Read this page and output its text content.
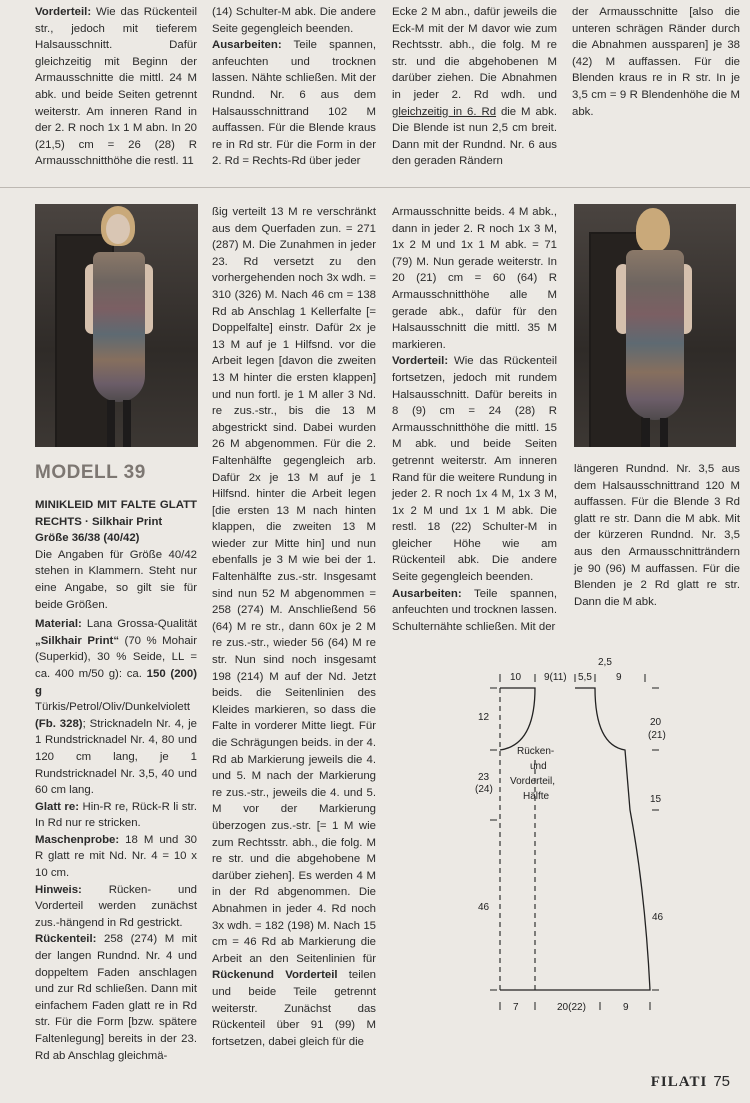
Vorderteil: Wie das Rückenteil str., jedoch mit tieferem Halsausschnitt. Dafür gleichzeitig mit Beginn der Armausschnitte die mittl. 24 M abk. und beide Seiten getrennt weiterstr. Am inneren Rand in der 2. R noch 1x 1 M abn. In 20 (21,5) cm = 26 (28) R Armausschnitthöhe die restl. 11

(14) Schulter-M abk. Die andere Seite gegengleich beenden.
Ausarbeiten: Teile spannen, anfeuchten und trocknen lassen. Nähte schließen. Mit der Rundnd. Nr. 6 aus dem Halsausschnittrand 102 M auffassen. Für die Blende kraus re in Rd str. Für die Form in der 2. Rd = Rechts-Rd über jeder

Ecke 2 M abn., dafür jeweils die Eck-M mit der M davor wie zum Rechtsstr. abh., die folg. M re str. und die abgehobenen M darüber ziehen. Die Abnahmen in jeder 2. Rd wdh. und gleichzeitig in 6. Rd die M abk. Die Blende ist nun 2,5 cm breit. Dann mit der Rundnd. Nr. 6 aus den geraden Rändern

der Armausschnitte [also die unteren schrägen Ränder durch die Abnahmen aussparen] je 38 (42) M auffassen. Für die Blenden kraus re in R str. In je 3,5 cm = 9 R Blendenhöhe die M abk.

MODELL 39

MINIKLEID MIT FALTE GLATT RECHTS · Silkhair Print

Größe 36/38 (40/42)

Die Angaben für Größe 40/42 stehen in Klammern. Steht nur eine Angabe, so gilt sie für beide Größen.

Material: Lana Grossa-Qualität „Silkhair Print“ (70 % Mohair (Superkid), 30 % Seide, LL = ca. 400 m/50 g): ca. 150 (200) g Türkis/Petrol/Oliv/Dunkelviolett (Fb. 328); Stricknadeln Nr. 4, je 1 Rundstricknadel Nr. 4, 80 und 120 cm lang, je 1 Rundstricknadel Nr. 3,5, 40 und 60 cm lang.

Glatt re: Hin-R re, Rück-R li str. In Rd nur re stricken.

Maschenprobe: 18 M und 30 R glatt re mit Nd. Nr. 4 = 10 x 10 cm.

Hinweis: Rücken- und Vorderteil werden zunächst zus.-hängend in Rd gestrickt.

Rückenteil: 258 (274) M mit der langen Rundnd. Nr. 4 und doppeltem Faden anschlagen und zur Rd schließen. Dann mit einfachem Faden glatt re in Rd str. Für die Form [bzw. spätere Faltenlegung] bereits in der 23. Rd ab Anschlag gleichmä-

ßig verteilt 13 M re verschränkt aus dem Querfaden zun. = 271 (287) M. Die Zunahmen in jeder 23. Rd versetzt zu den vorhergehenden noch 3x wdh. = 310 (326) M. Nach 46 cm = 138 Rd ab Anschlag 1 Kellerfalte [= Doppelfalte] einstr. Dafür 2x je 13 M auf je 1 Hilfsnd. vor die Arbeit legen [davon die zweiten 13 M hinter die ersten klappen] und nun fortl. je 1 M aller 3 Nd. re zus.-str., bis die 13 M abgestrickt sind. Dabei wurden 26 M abgenommen. Für die 2. Faltenhälfte gegengleich arb. Dafür 2x je 13 M auf je 1 Hilfsnd. hinter die Arbeit legen [die ersten 13 M nach hinten klappen, die zweiten 13 M wieder zur Mitte hin] und nun ebenfalls je 3 M wie bei der 1. Faltenhälfte zus.-str. Insgesamt sind nun 52 M abgenommen = 258 (274) M. Anschließend 56 (64) M re str., dann 60x je 2 M re zus.-str., wieder 56 (64) M re str. Nun sind noch insgesamt 198 (214) M auf der Nd. Jetzt beids. die Seitenlinien des Kleides markieren, so dass die Falte in vorderer Mitte liegt. Für die Schrägungen beids. in der 4. Rd ab Markierung jeweils die 4. und 5. M nach der Markierung re zus.-str., jeweils die 4. und 5. M vor der Markierung überzogen zus.-str. [= 1 M wie zum Rechtsstr. abh., die folg. M re str. und die abgehobene M darüber ziehen]. Es werden 4 M in der Rd abgenommen. Die Abnahmen in jeder 4. Rd noch 3x wdh. = 182 (198) M. Nach 15 cm = 46 Rd ab Markierung die Arbeit an den Seitenlinien für Rückenund Vorderteil teilen und beide Teile getrennt weiterstr. Zunächst das Rückenteil über 91 (99) M fortsetzen, dabei gleich für die

Armausschnitte beids. 4 M abk., dann in jeder 2. R noch 1x 3 M, 1x 2 M und 1x 1 M abk. = 71 (79) M. Nun gerade weiterstr. In 20 (21) cm = 60 (64) R Armausschnitthöhe alle M gerade abk., dafür für den Halsausschnitt die mittl. 35 M markieren.

Vorderteil: Wie das Rückenteil fortsetzen, jedoch mit rundem Halsausschnitt. Dafür bereits in 8 (9) cm = 24 (28) R Armausschnitthöhe die mittl. 15 M abk. und beide Seiten getrennt weiterstr. Am inneren Rand für die weitere Rundung in jeder 2. R noch 1x 4 M, 1x 3 M, 1x 2 M und 1x 1 M abk. Die restl. 18 (22) Schulter-M in gleicher Höhe wie am Rückenteil abk. Die andere Seite gegengleich beenden.

Ausarbeiten: Teile spannen, anfeuchten und trocknen lassen. Schulternähte schließen. Mit der

längeren Rundnd. Nr. 3,5 aus dem Halsausschnittrand 120 M auffassen. Für die Blende 3 Rd glatt re str. Dann die M abk. Mit der kürzeren Rundnd. Nr. 3,5 aus den Armausschnitträndern je 90 (96) M auffassen. Für die Blenden je 2 Rd glatt re str. Dann die M abk.

10 9(11) 5,5 9
2,5
12
23
(24)
46
20
(21)
15
46
Rücken-
und
Vorderteil,
Hälfte
7	20(22)	9
FILATI 75
